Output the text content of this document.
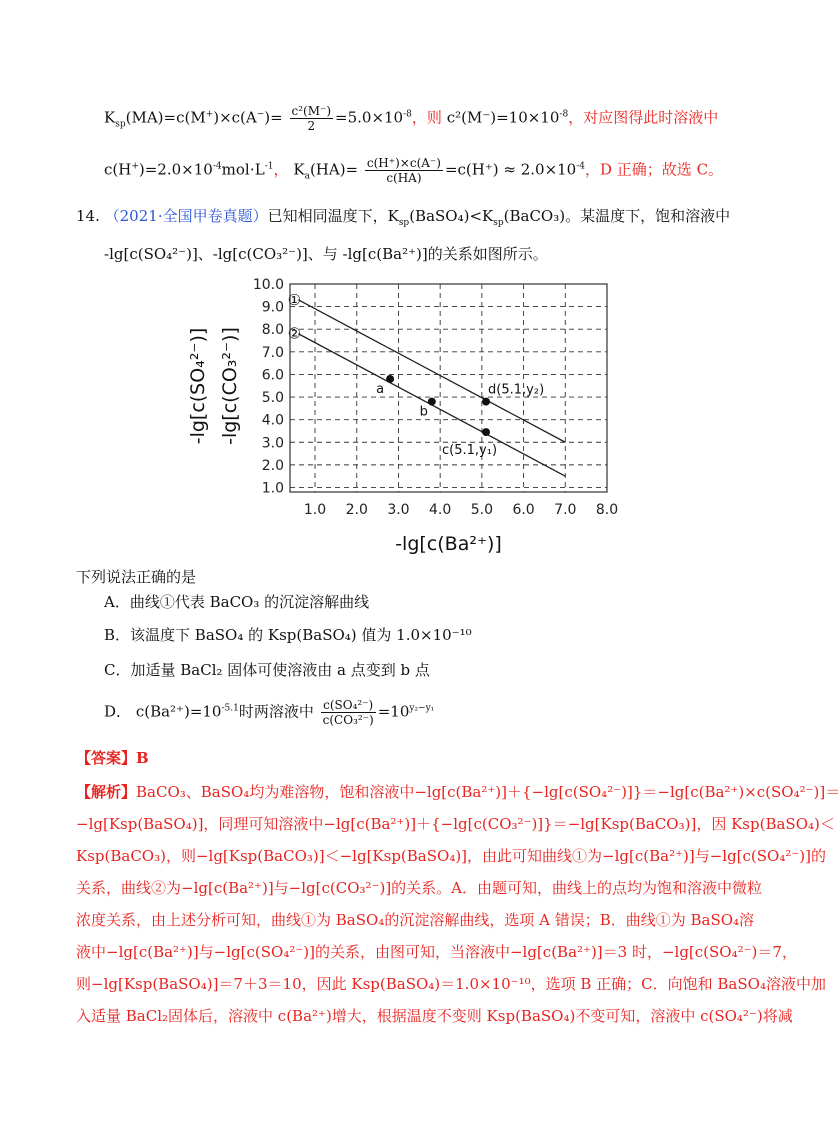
$K_{sp}(MA)=c(M^+)\times c(A^-)= \frac{\text{c²(M⁻)}}{2} =5.0\times 10^{-8}$，则 $c^2(M^-)=10\times 10^{-8}$，对应图得此时溶液中
$c(H^+)=2.0\times 10^{-4}mol\cdot L^{-1}$， $K_a(HA)= \frac{c(H^+)\times c(A^-)}{c(HA)} =c(H^+) \approx 2.0\times 10^{-4}$，D 正确；故选 C。
14. （2021·全国甲卷真题）已知相同温度下，$K_{sp}(BaSO_4)<K_{sp}(BaCO_3)$。某温度下，饱和溶液中
-lg[c(SO₄²⁻)]、-lg[c(CO₃²⁻)]、与 -lg[c(Ba²⁺)]的关系如图所示。
1.0 2.0 3.0 4.0 5.0 6.0 7.0 8.0
1.0
2.0
3.0
4.0
5.0
6.0
7.0
8.0
9.0
10.0
①
②
a
b
d(5.1,y₂)
c(5.1,y₁)
-lg[c(Ba²⁺)]
-lg[c(SO₄²⁻)] -lg[c(CO₃²⁻)]
下列说法正确的是
A．曲线①代表 BaCO₃ 的沉淀溶解曲线
B．该温度下 BaSO₄ 的 Ksp(BaSO₄) 值为 1.0×10⁻¹⁰
C．加适量 BaCl₂ 固体可使溶液由 a 点变到 b 点
D． $c(Ba^{2+})=10^{-5.1}$时两溶液中 $\frac{\text{c(SO₄²⁻)}}{\text{c(CO₃²⁻)}} =10^{y_2-y_1}$
【答案】B
【解析】BaCO₃、BaSO₄均为难溶物，饱和溶液中−lg[c(Ba²⁺)]＋{−lg[c(SO₄²⁻)]}＝−lg[c(Ba²⁺)×c(SO₄²⁻)]＝
−lg[Ksp(BaSO₄)]，同理可知溶液中−lg[c(Ba²⁺)]＋{−lg[c(CO₃²⁻)]}＝−lg[Ksp(BaCO₃)]，因 Ksp(BaSO₄)＜
Ksp(BaCO₃)，则−lg[Ksp(BaCO₃)]＜−lg[Ksp(BaSO₄)]，由此可知曲线①为−lg[c(Ba²⁺)]与−lg[c(SO₄²⁻)]的
关系，曲线②为−lg[c(Ba²⁺)]与−lg[c(CO₃²⁻)]的关系。A．由题可知，曲线上的点均为饱和溶液中微粒
浓度关系，由上述分析可知，曲线①为 BaSO₄的沉淀溶解曲线，选项 A 错误；B．曲线①为 BaSO₄溶
液中−lg[c(Ba²⁺)]与−lg[c(SO₄²⁻)]的关系，由图可知，当溶液中−lg[c(Ba²⁺)]＝3 时，−lg[c(SO₄²⁻)＝7，
则−lg[Ksp(BaSO₄)]＝7＋3＝10，因此 Ksp(BaSO₄)＝1.0×10⁻¹⁰，选项 B 正确；C．向饱和 BaSO₄溶液中加
入适量 BaCl₂固体后，溶液中 c(Ba²⁺)增大，根据温度不变则 Ksp(BaSO₄)不变可知，溶液中 c(SO₄²⁻)将减
